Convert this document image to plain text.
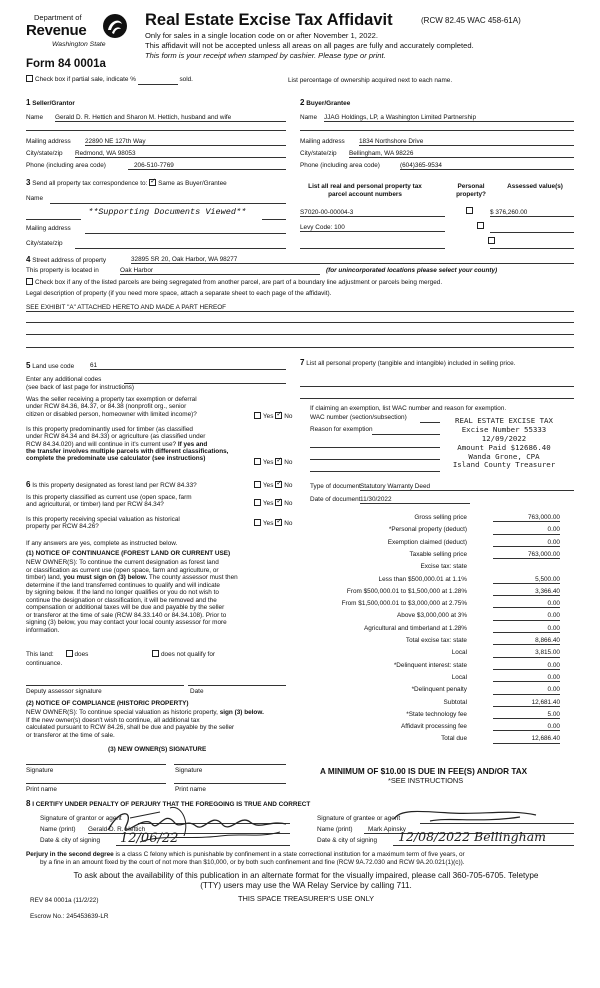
Department of
Revenue
Washington State
Form 84 0001a
Real Estate Excise Tax Affidavit	(RCW 82.45 WAC 458-61A)
Only for sales in a single location code on or after November 1, 2022.
This affidavit will not be accepted unless all areas on all pages are fully and accurately completed.
This form is your receipt when stamped by cashier. Please type or print.
Check box if partial sale, indicate %	sold.	List percentage of ownership acquired next to each name.
1 Seller/Grantor
Name Gerald D. R. Hettich and Sharon M. Hettich, husband and wife
Mailing address 22890 NE 127th Way
City/state/zip Redmond, WA 98053
Phone (including area code)	206-510-7769
2 Buyer/Grantee
Name JJAG Holdings, LP, a Washington Limited Partnership
Mailing address 1834 Northshore Drive
City/state/zip Bellingham, WA 98226
Phone (including area code)	(604)365-9534
3 Send all property tax correspondence to: ✓ Same as Buyer/Grantee
Name
**Supporting Documents Viewed**
Mailing address
City/state/zip
List all real and personal property tax parcel account numbers
Personal property?
Assessed value(s)
S7020-00-00004-3
	$ 376,260.00
Levy Code: 100

4 Street address of property	32895 SR 20, Oak Harbor, WA 98277
This property is located in	Oak Harbor	(for unincorporated locations please select your county)
Check box if any of the listed parcels are being segregated from another parcel, are part of a boundary line adjustment or parcels being merged.
Legal description of property (if you need more space, attach a separate sheet to each page of the affidavit).
SEE EXHIBIT "A" ATTACHED HERETO AND MADE A PART HEREOF
5 Land use code 61
Enter any additional codes
(see back of last page for instructions)
Was the seller receiving a property tax exemption or deferral
under RCW 84.36, 84.37, or 84.38 (nonprofit org., senior
citizen or disabled person, homeowner with limited income)?	Yes ✓ No
Is this property predominantly used for timber (as classified
under RCW 84.34 and 84.33) or agriculture (as classified under
RCW 84.34.020) and will continue in it's current use? If yes and
the transfer involves multiple parcels with different classifications,
complete the predominate use calculator (see instructions)
Yes ✓ No
6 Is this property designated as forest land per RCW 84.33?	Yes ✓ No
Is this property classified as current use (open space, farm
and agricultural, or timber) land per RCW 84.34?	Yes ✓ No
Is this property receiving special valuation as historical
property per RCW 84.26?	Yes ✓ No
If any answers are yes, complete as instructed below.
(1) NOTICE OF CONTINUANCE (FOREST LAND OR CURRENT USE)
NEW OWNER(S): To continue the current designation as forest land
or classification as current use (open space, farm and agriculture, or
timber) land, you must sign on (3) below. The county assessor must then
determine if the land transferred continues to qualify and will indicate
by signing below. If the land no longer qualifies or you do not wish to
continue the designation or classification, it will be removed and the
compensation or additional taxes will be due and payable by the seller
or transferor at the time of sale (RCW 84.33.140 or 84.34.108). Prior to
signing (3) below, you may contact your local county assessor for more
information.
This land:	does	does not qualify for
continuance.
Deputy assessor signature	Date
(2) NOTICE OF COMPLIANCE (HISTORIC PROPERTY)
NEW OWNER(S): To continue special valuation as historic property, sign (3) below.
If the new owner(s) doesn't wish to continue, all additional tax
calculated pursuant to RCW 84.26, shall be due and payable by the seller
or transferor at the time of sale.
(3) NEW OWNER(S) SIGNATURE
Signature	Signature
Print name	Print name
7 List all personal property (tangible and intangible) included in selling price.
If claiming an exemption, list WAC number and reason for exemption.
WAC number (section/subsection)
Reason for exemption
REAL ESTATE EXCISE TAX
Excise Number 55333
12/09/2022
Amount Paid $12686.40
Wanda Grone, CPA
Island County Treasurer
Type of document Statutory Warranty Deed
Date of document 11/30/2022
Gross selling price	763,000.00
*Personal property (deduct)	0.00
Exemption claimed (deduct)	0.00
Taxable selling price	763,000.00
Excise tax: state
Less than $500,000.01 at 1.1%	5,500.00
From $500,000.01 to $1,500,000 at 1.28%	3,366.40
From $1,500,000.01 to $3,000,000 at 2.75%	0.00
Above $3,000,000 at 3%	0.00
Agricultural and timberland at 1.28%	0.00
Total excise tax: state	8,866.40
Local	3,815.00
*Delinquent interest: state	0.00
Local	0.00
*Delinquent penalty	0.00
Subtotal	12,681.40
*State technology fee	5.00
Affidavit processing fee	0.00
Total due	12,686.40
A MINIMUM OF $10.00 IS DUE IN FEE(S) AND/OR TAX
*SEE INSTRUCTIONS
8 I CERTIFY UNDER PENALTY OF PERJURY THAT THE FOREGOING IS TRUE AND CORRECT
Signature of grantor or agent
Name (print) Gerald D. R. Hettich
Date & city of signing
Signature of grantee or agent
Name (print)	Mark Apinsky
Date & city of signing
12/06/22	12/08/2022 Bellingham
Perjury in the second degree is a class C felony which is punishable by confinement in a state correctional institution for a maximum term of five years, or
by a fine in an amount fixed by the court of not more than $10,000, or by both such confinement and fine (RCW 9A.72.030 and RCW 9A.20.021(1)(c)).
To ask about the availability of this publication in an alternate format for the visually impaired, please call 360-705-6705. Teletype
(TTY) users may use the WA Relay Service by calling 711.
REV 84 0001a (11/2/22)	THIS SPACE TREASURER'S USE ONLY
Escrow No.: 245453639-LR
